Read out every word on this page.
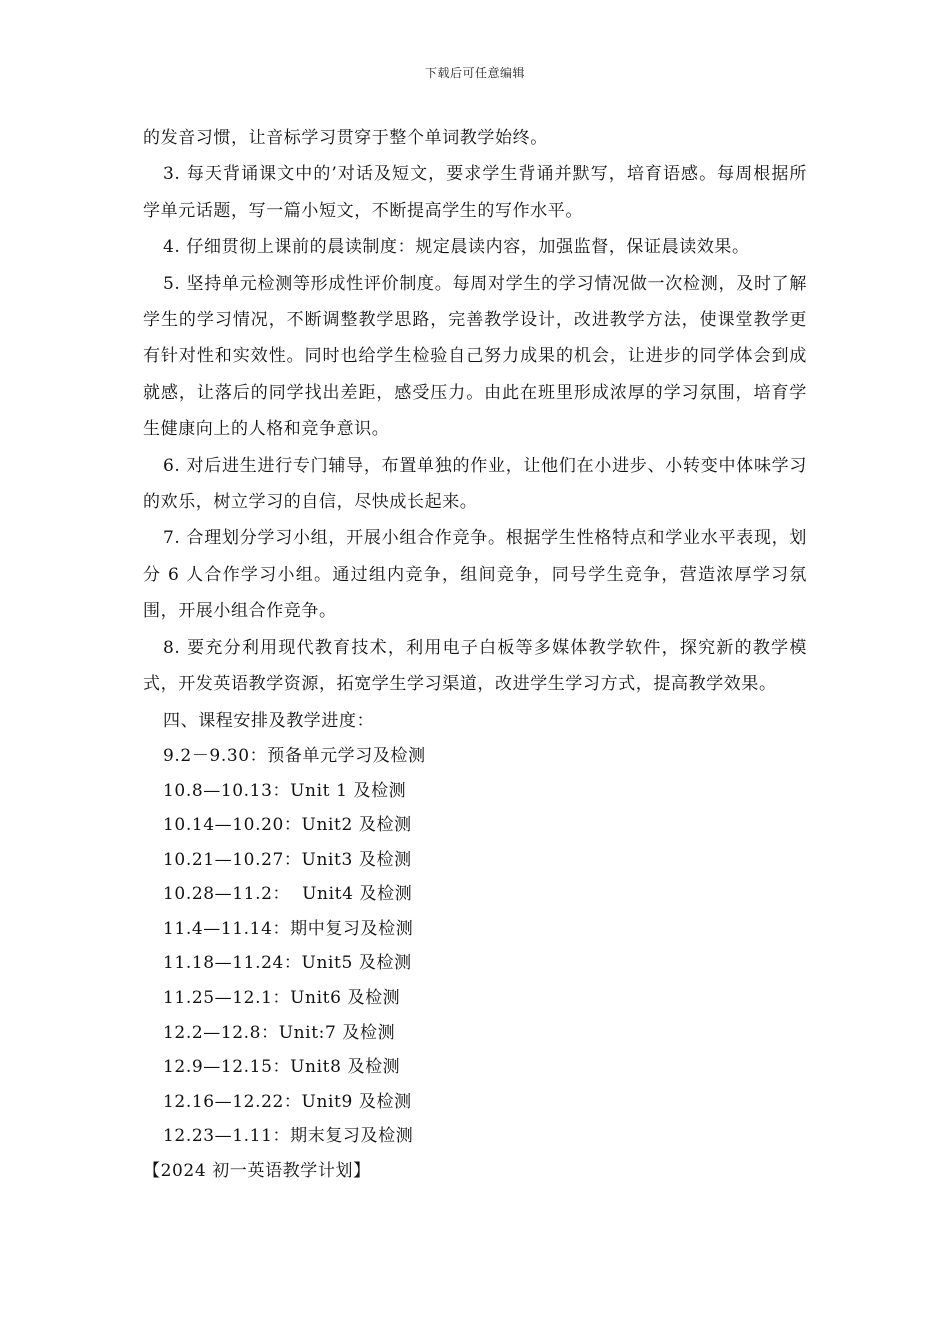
下载后可任意编辑

的发音习惯，让音标学习贯穿于整个单词教学始终。

3. 每天背诵课文中的’对话及短文，要求学生背诵并默写，培育语感。每周根据所学单元话题，写一篇小短文，不断提高学生的写作水平。

4. 仔细贯彻上课前的晨读制度：规定晨读内容，加强监督，保证晨读效果。

5. 坚持单元检测等形成性评价制度。每周对学生的学习情况做一次检测，及时了解学生的学习情况，不断调整教学思路，完善教学设计，改进教学方法，使课堂教学更有针对性和实效性。同时也给学生检验自己努力成果的机会，让进步的同学体会到成就感，让落后的同学找出差距，感受压力。由此在班里形成浓厚的学习氛围，培育学生健康向上的人格和竞争意识。

6. 对后进生进行专门辅导，布置单独的作业，让他们在小进步、小转变中体味学习的欢乐，树立学习的自信，尽快成长起来。

7. 合理划分学习小组，开展小组合作竞争。根据学生性格特点和学业水平表现，划分 6 人合作学习小组。通过组内竞争，组间竞争，同号学生竞争，营造浓厚学习氛围，开展小组合作竞争。

8. 要充分利用现代教育技术，利用电子白板等多媒体教学软件，探究新的教学模式，开发英语教学资源，拓宽学生学习渠道，改进学生学习方式，提高教学效果。

四、课程安排及教学进度：

9.2－9.30：预备单元学习及检测

10.8—10.13：Unit 1 及检测

10.14—10.20：Unit2 及检测

10.21—10.27：Unit3 及检测

10.28—11.2：  Unit4 及检测

11.4—11.14：期中复习及检测

11.18—11.24：Unit5 及检测

11.25—12.1：Unit6 及检测

12.2—12.8：Unit:7 及检测

12.9—12.15：Unit8 及检测

12.16—12.22：Unit9 及检测

12.23—1.11：期末复习及检测

【2024 初一英语教学计划】
